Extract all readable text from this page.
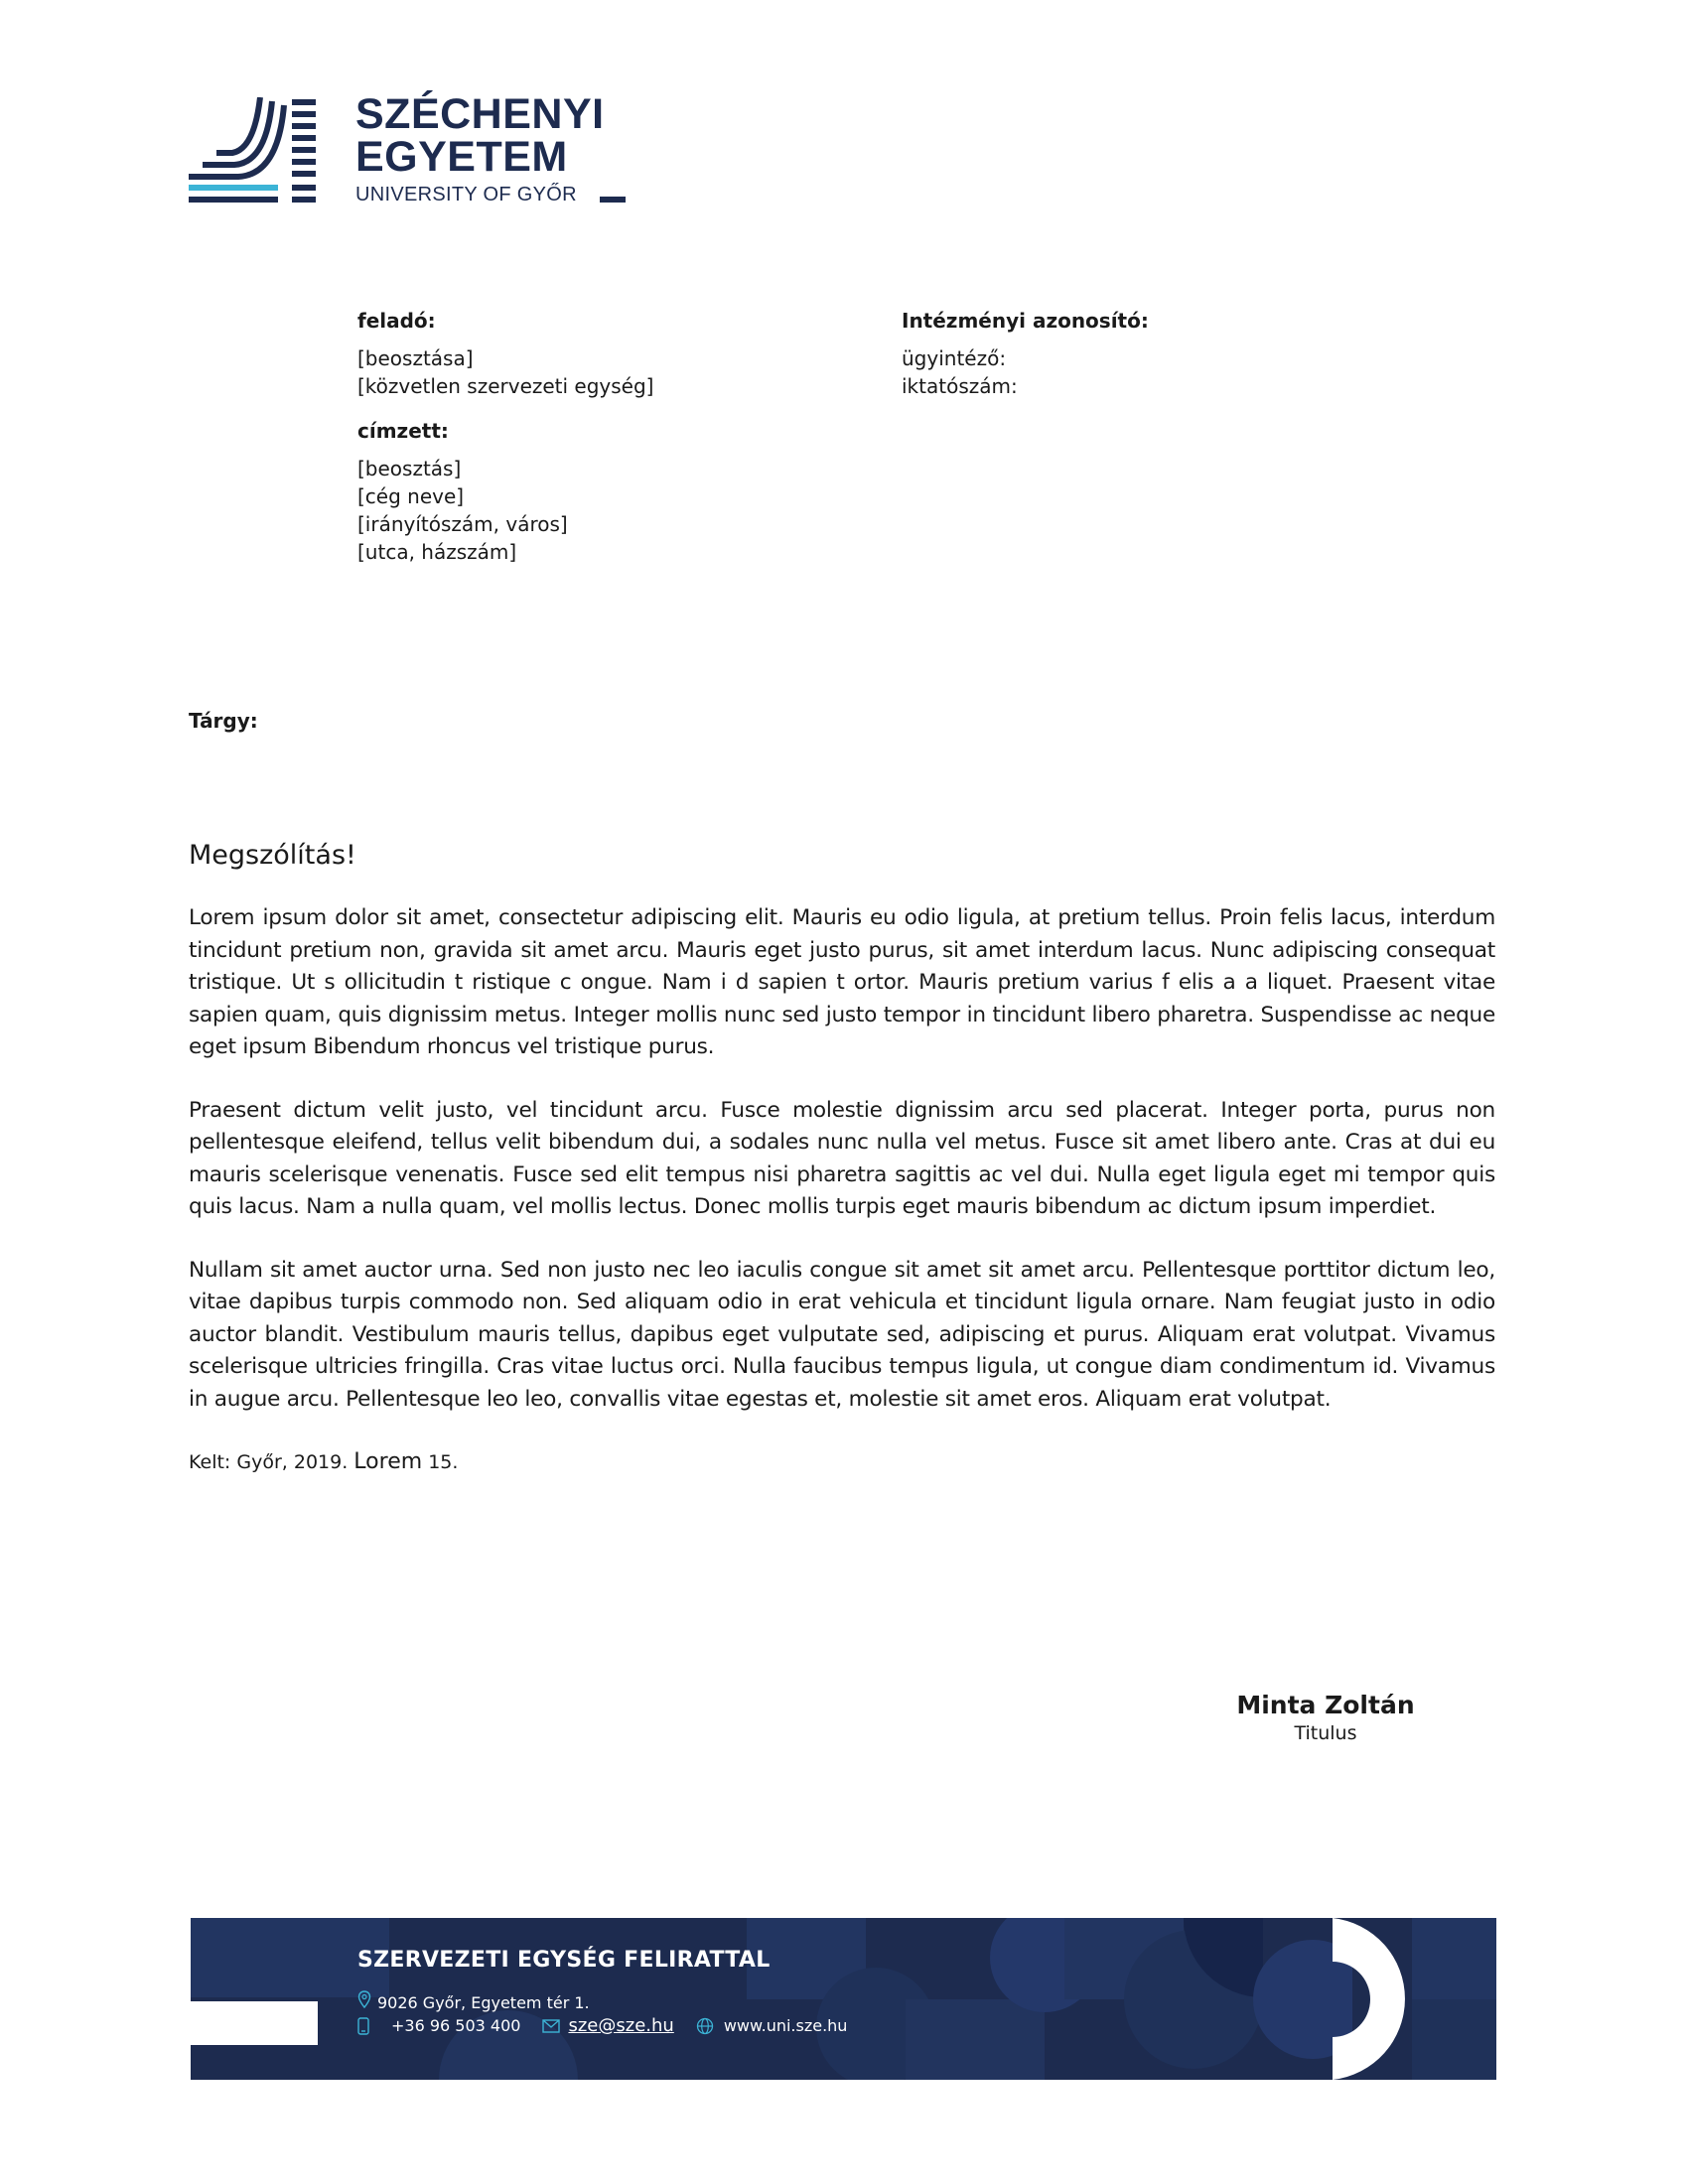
SZÉCHENYI
EGYETEM
UNIVERSITY OF GYŐR
feladó:
[beosztása]
[közvetlen szervezeti egység]
címzett:
[beosztás]
[cég neve]
[irányítószám, város]
[utca, házszám]
Intézményi azonosító:
ügyintéző:
iktatószám:
Tárgy:
Megszólítás!

Lorem ipsum dolor sit amet, consectetur adipiscing elit. Mauris eu odio ligula, at pretium tellus. Proin felis lacus, interdum tincidunt pretium non, gravida sit amet arcu. Mauris eget justo purus, sit amet interdum lacus. Nunc adipiscing consequat tristique. Ut s ollicitudin t ristique c ongue. Nam i d sapien t ortor. Mauris pretium varius f elis a a liquet. Praesent vitae sapien quam, quis dignissim metus. Integer mollis nunc sed justo tempor in tincidunt libero pharetra. Suspendisse ac neque eget ipsum Bibendum rhoncus vel tristique purus.

Praesent dictum velit justo, vel tincidunt arcu. Fusce molestie dignissim arcu sed placerat. Integer porta, purus non pellentesque eleifend, tellus velit bibendum dui, a sodales nunc nulla vel metus. Fusce sit amet libero ante. Cras at dui eu mauris scelerisque venenatis. Fusce sed elit tempus nisi pharetra sagittis ac vel dui. Nulla eget ligula eget mi tempor quis quis lacus. Nam a nulla quam, vel mollis lectus. Donec mollis turpis eget mauris bibendum ac dictum ipsum imperdiet.

Nullam sit amet auctor urna. Sed non justo nec leo iaculis congue sit amet sit amet arcu. Pellentesque porttitor dictum leo, vitae dapibus turpis commodo non. Sed aliquam odio in erat vehicula et tincidunt ligula ornare. Nam feugiat justo in odio auctor blandit. Vestibulum mauris tellus, dapibus eget vulputate sed, adipiscing et purus. Aliquam erat volutpat. Vivamus scelerisque ultricies fringilla. Cras vitae luctus orci. Nulla faucibus tempus ligula, ut congue diam condimentum id. Vivamus in augue arcu. Pellentesque leo leo, convallis vitae egestas et, molestie sit amet eros. Aliquam erat volutpat.

Kelt: Győr, 2019. Lorem 15.
Minta Zoltán
Titulus
SZERVEZETI EGYSÉG FELIRATTAL
9026 Győr, Egyetem tér 1.
+36 96 503 400	sze@sze.hu	www.uni.sze.hu
